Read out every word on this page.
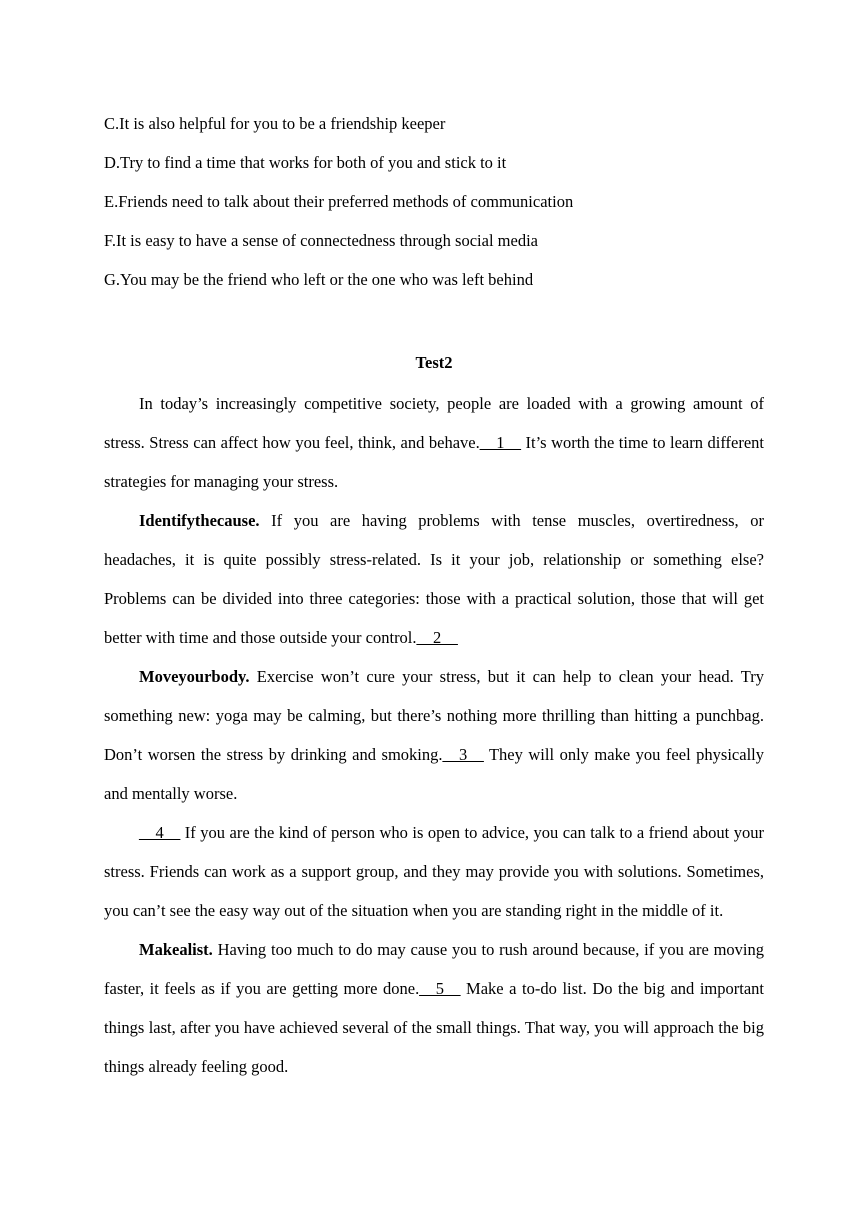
C.It is also helpful for you to be a friendship keeper
D.Try to find a time that works for both of you and stick to it
E.Friends need to talk about their preferred methods of communication
F.It is easy to have a sense of connectedness through social media
G.You may be the friend who left or the one who was left behind
Test2

In today’s increasingly competitive society, people are loaded with a growing amount of stress. Stress can affect how you feel, think, and behave.__1__ It’s worth the time to learn different strategies for managing your stress.

Identifythecause. If you are having problems with tense muscles, overtiredness, or headaches, it is quite possibly stress-related. Is it your job, relationship or something else? Problems can be divided into three categories: those with a practical solution, those that will get better with time and those outside your control.__2__

Moveyourbody. Exercise won’t cure your stress, but it can help to clean your head. Try something new: yoga may be calming, but there’s nothing more thrilling than hitting a punchbag. Don’t worsen the stress by drinking and smoking.__3__ They will only make you feel physically and mentally worse.

__4__ If you are the kind of person who is open to advice, you can talk to a friend about your stress. Friends can work as a support group, and they may provide you with solutions. Sometimes, you can’t see the easy way out of the situation when you are standing right in the middle of it.

Makealist. Having too much to do may cause you to rush around because, if you are moving faster, it feels as if you are getting more done.__5__ Make a to-do list. Do the big and important things last, after you have achieved several of the small things. That way, you will approach the big things already feeling good.
